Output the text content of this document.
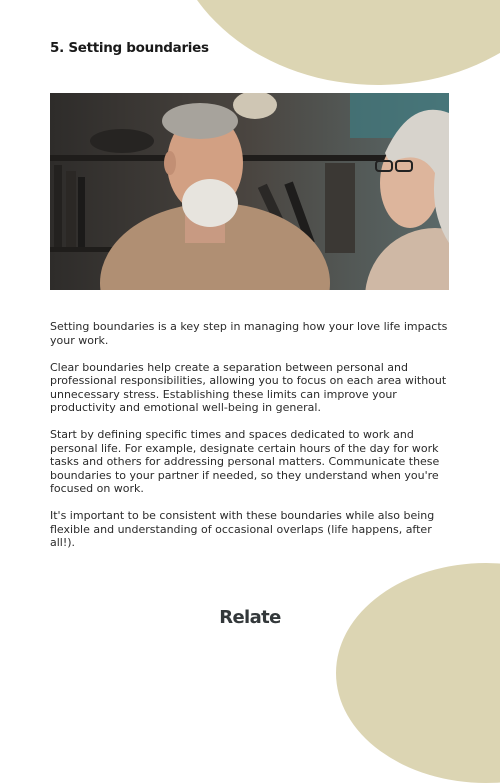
5. Setting boundaries

Setting boundaries is a key step in managing how your love life impacts your work.

Clear boundaries help create a separation between personal and professional responsibilities, allowing you to focus on each area without unnecessary stress. Establishing these limits can improve your productivity and emotional well-being in general.

Start by defining specific times and spaces dedicated to work and personal life. For example, designate certain hours of the day for work tasks and others for addressing personal matters. Communicate these boundaries to your partner if needed, so they understand when you're focused on work.

It's important to be consistent with these boundaries while also being flexible and understanding of occasional overlaps (life happens, after all!).

Relate
